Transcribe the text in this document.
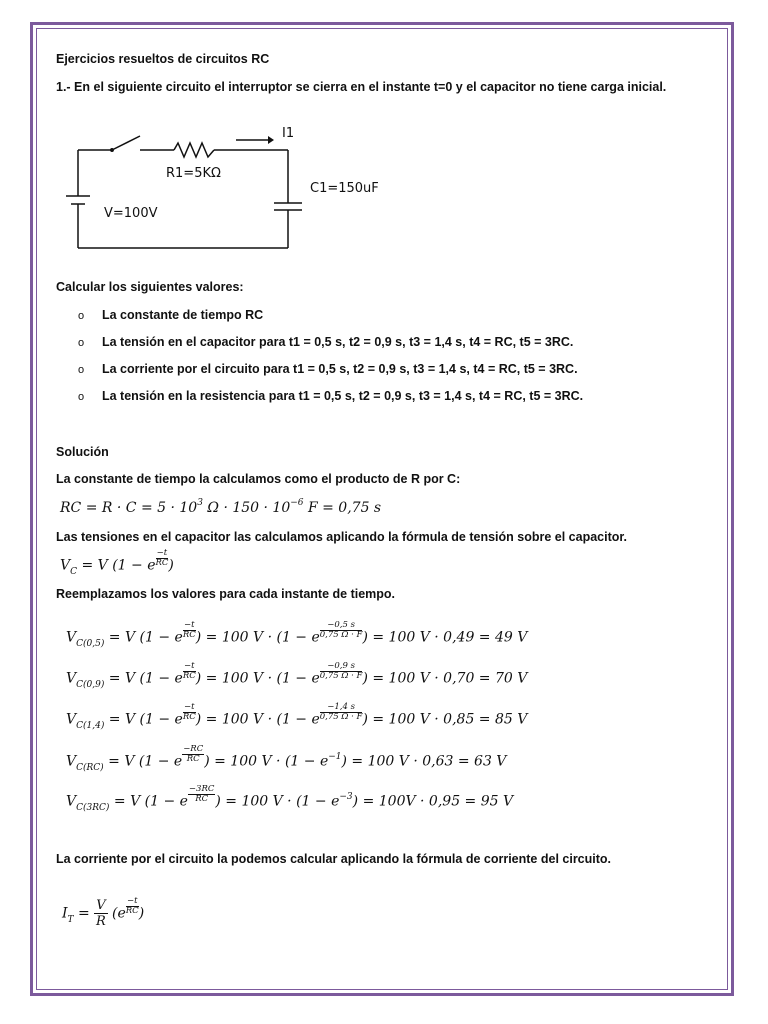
Ejercicios resueltos de circuitos RC
1.- En el siguiente circuito el interruptor se cierra en el instante t=0 y el capacitor no tiene carga inicial.
I1
R1=5KΩ
C1=150uF
V=100V
Calcular los siguientes valores:
o La constante de tiempo RC
o La tensión en el capacitor para t1 = 0,5 s, t2 = 0,9 s, t3 = 1,4 s, t4 = RC, t5 = 3RC.
o La corriente por el circuito para t1 = 0,5 s, t2 = 0,9 s, t3 = 1,4 s, t4 = RC, t5 = 3RC.
o La tensión en la resistencia para t1 = 0,5 s, t2 = 0,9 s, t3 = 1,4 s, t4 = RC, t5 = 3RC.
Solución
La constante de tiempo la calculamos como el producto de R por C:
RC = $R \cdot C = 5 \cdot 10^3$ $\Omega \cdot 150 \cdot 10^{-6}$ F = 0,75 s
Las tensiones en el capacitor las calculamos aplicando la fórmula de tensión sobre el capacitor.
$V_C = V$ (1 − e $\frac{-t}{RC}$ )
Reemplazamos los valores para cada instante de tiempo.
$V_{C(0,5)} = V$ (1 − e $\frac{-t}{RC}$ ) = 100 V · (1 − e $\frac{-0,5 s}{0,75 \Omega \cdot F}$ ) = 100 V · 0,49 = 49 V
$V_{C(0,9)} = V$ (1 − e $\frac{-t}{RC}$ ) = 100 V · (1 − e $\frac{-0,9 s}{0,75 \Omega \cdot F}$ ) = 100 V · 0,70 = 70 V
$V_{C(1,4)} = V$ (1 − e $\frac{-t}{RC}$ ) = 100 V · (1 − e $\frac{-1,4 s}{0,75 \Omega \cdot F}$ ) = 100 V · 0,85 = 85 V
$V_{C(RC)} = V$ (1 − e $\frac{-RC}{RC}$ ) = 100 $V \cdot (1 - e^{-1}) = 100$ V · 0,63 = 63 V
$V_{C(3RC)} = V$ (1 − e $\frac{-3RC}{RC}$ ) = 100 $V \cdot (1 - e^{-3}) = 100V \cdot 0,95 = 95$ V
La corriente por el circuito la podemos calcular aplicando la fórmula de corriente del circuito.
$I_T = \frac{V}{R} (e \frac{-t}{RC}$ )
